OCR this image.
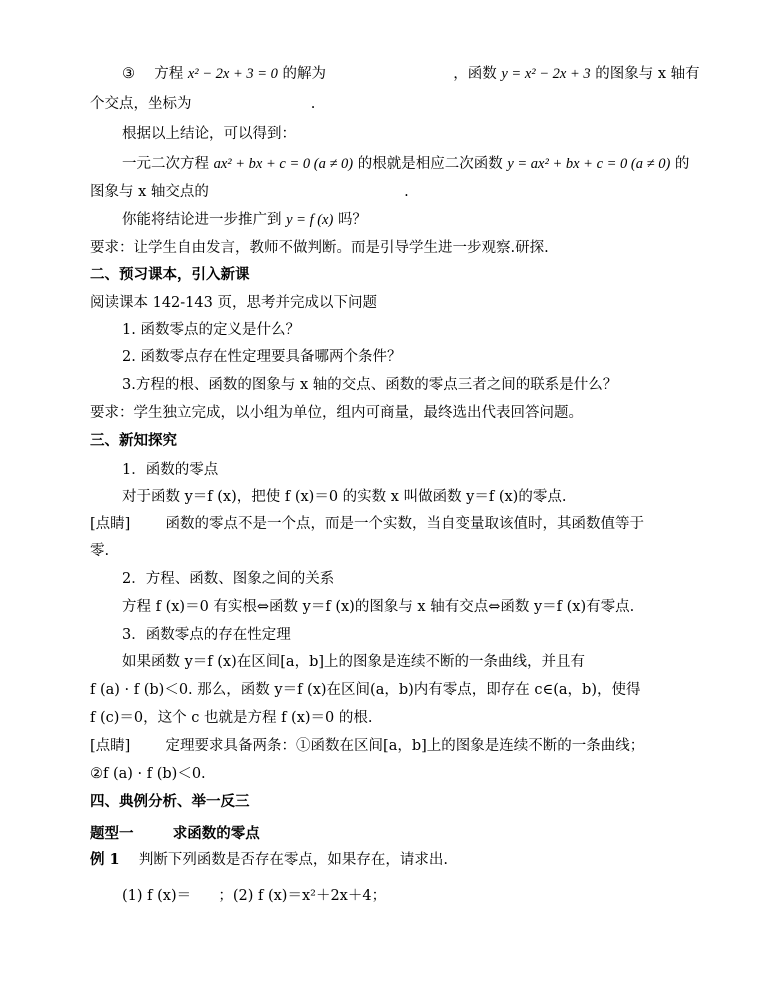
③ 方程 x² − 2x + 3 = 0 的解为	，函数 y = x² − 2x + 3 的图象与 x 轴有
个交点，坐标为	.
根据以上结论，可以得到：
一元二次方程 ax² + bx + c = 0 (a ≠ 0) 的根就是相应二次函数 y = ax² + bx + c = 0 (a ≠ 0) 的
图象与 x 轴交点的	.
你能将结论进一步推广到 y = f (x) 吗？
要求：让学生自由发言，教师不做判断。而是引导学生进一步观察.研探.
二、预习课本，引入新课
阅读课本 142-143 页，思考并完成以下问题
1. 函数零点的定义是什么？
2. 函数零点存在性定理要具备哪两个条件？
3.方程的根、函数的图象与 x 轴的交点、函数的零点三者之间的联系是什么？
要求：学生独立完成，以小组为单位，组内可商量，最终选出代表回答问题。
三、新知探究
1．函数的零点
对于函数 y＝f (x)，把使 f (x)＝0 的实数 x 叫做函数 y＝f (x)的零点.
[点睛] 函数的零点不是一个点，而是一个实数，当自变量取该值时，其函数值等于
零.
2．方程、函数、图象之间的关系
方程 f (x)＝0 有实根⇔函数 y＝f (x)的图象与 x 轴有交点⇔函数 y＝f (x)有零点.
3．函数零点的存在性定理
如果函数 y＝f (x)在区间[a，b]上的图象是连续不断的一条曲线，并且有
f (a) · f (b)＜0. 那么，函数 y＝f (x)在区间(a，b)内有零点，即存在 c∈(a，b)，使得
f (c)＝0，这个 c 也就是方程 f (x)＝0 的根.
[点睛] 定理要求具备两条：①函数在区间[a，b]上的图象是连续不断的一条曲线；
②f (a) · f (b)＜0.
四、典例分析、举一反三
题型一	求函数的零点
例 1 判断下列函数是否存在零点，如果存在，请求出.
(1) f (x)＝ ；(2) f (x)＝x²＋2x＋4；
